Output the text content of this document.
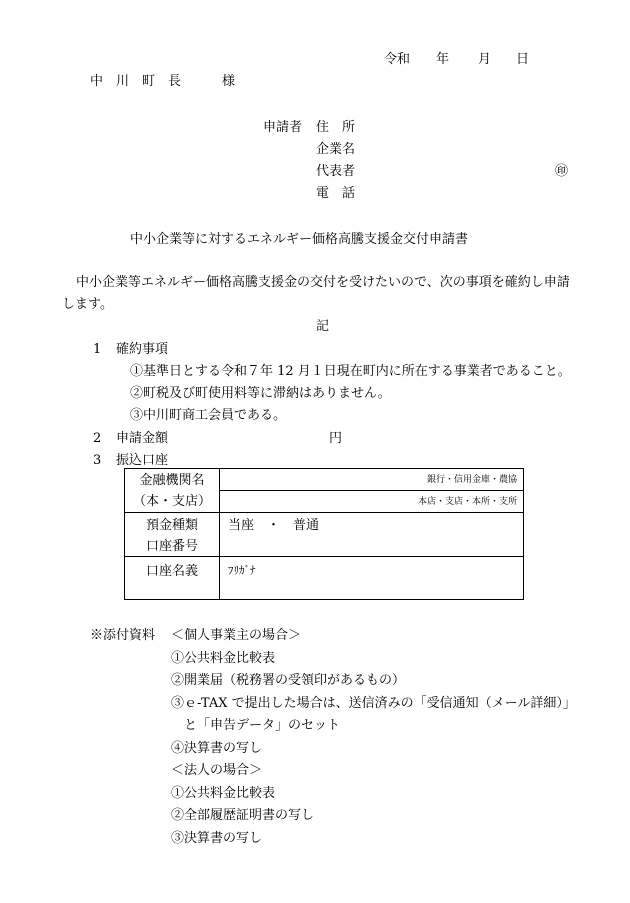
令和 年 月 日
中　川　町　長	様
申請者 住　所
企業名
代表者	㊞
電　話
中小企業等に対するエネルギー価格高騰支援金交付申請書
中小企業等エネルギー価格高騰支援金の交付を受けたいので、次の事項を確約し申請
します。
記
1 確約事項
①基準日とする令和７年 12 月１日現在町内に所在する事業者であること。
②町税及び町使用料等に滞納はありません。
③中川町商工会員である。
2 申請金額	円
3 振込口座
金融機関名
（本・支店）	銀行・信用金庫・農協

	本店・支店・本所・支所

預金種類
口座番号	当座　・　普通

口座名義	ﾌﾘｶﾞﾅ
※添付資料 ＜個人事業主の場合＞
①公共料金比較表
②開業届（税務署の受領印があるもの）
③ｅ-TAX で提出した場合は、送信済みの「受信通知（メール詳細）」
と「申告データ」のセット
④決算書の写し
＜法人の場合＞
①公共料金比較表
②全部履歴証明書の写し
③決算書の写し
